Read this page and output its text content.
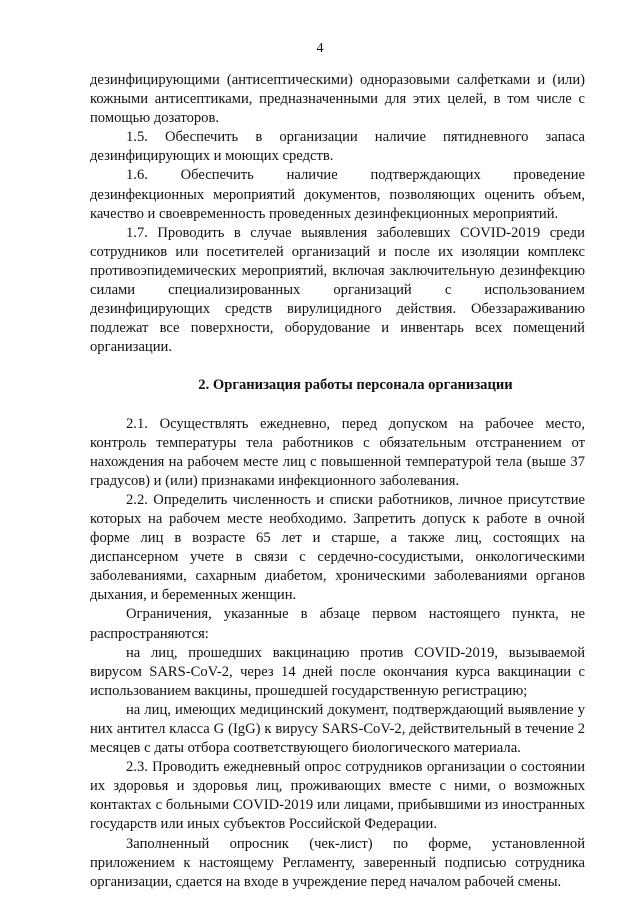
4

дезинфицирующими (антисептическими) одноразовыми салфетками и (или) кожными антисептиками, предназначенными для этих целей, в том числе с помощью дозаторов.

1.5. Обеспечить в организации наличие пятидневного запаса дезинфицирующих и моющих средств.

1.6. Обеспечить наличие подтверждающих проведение дезинфекционных мероприятий документов, позволяющих оценить объем, качество и своевременность проведенных дезинфекционных мероприятий.

1.7. Проводить в случае выявления заболевших COVID-2019 среди сотрудников или посетителей организаций и после их изоляции комплекс противоэпидемических мероприятий, включая заключительную дезинфекцию силами специализированных организаций с использованием дезинфицирующих средств вирулицидного действия. Обеззараживанию подлежат все поверхности, оборудование и инвентарь всех помещений организации.

2. Организация работы персонала организации

2.1. Осуществлять ежедневно, перед допуском на рабочее место, контроль температуры тела работников с обязательным отстранением от нахождения на рабочем месте лиц с повышенной температурой тела (выше 37 градусов) и (или) признаками инфекционного заболевания.

2.2. Определить численность и списки работников, личное присутствие которых на рабочем месте необходимо. Запретить допуск к работе в очной форме лиц в возрасте 65 лет и старше, а также лиц, состоящих на диспансерном учете в связи с сердечно-сосудистыми, онкологическими заболеваниями, сахарным диабетом, хроническими заболеваниями органов дыхания, и беременных женщин.

Ограничения, указанные в абзаце первом настоящего пункта, не распространяются:

на лиц, прошедших вакцинацию против COVID-2019, вызываемой вирусом SARS-CoV-2, через 14 дней после окончания курса вакцинации с использованием вакцины, прошедшей государственную регистрацию;

на лиц, имеющих медицинский документ, подтверждающий выявление у них антител класса G (IgG) к вирусу SARS-CoV-2, действительный в течение 2 месяцев с даты отбора соответствующего биологического материала.

2.3. Проводить ежедневный опрос сотрудников организации о состоянии их здоровья и здоровья лиц, проживающих вместе с ними, о возможных контактах с больными COVID-2019 или лицами, прибывшими из иностранных государств или иных субъектов Российской Федерации.

Заполненный опросник (чек-лист) по форме, установленной приложением к настоящему Регламенту, заверенный подписью сотрудника организации, сдается на входе в учреждение перед началом рабочей смены.
